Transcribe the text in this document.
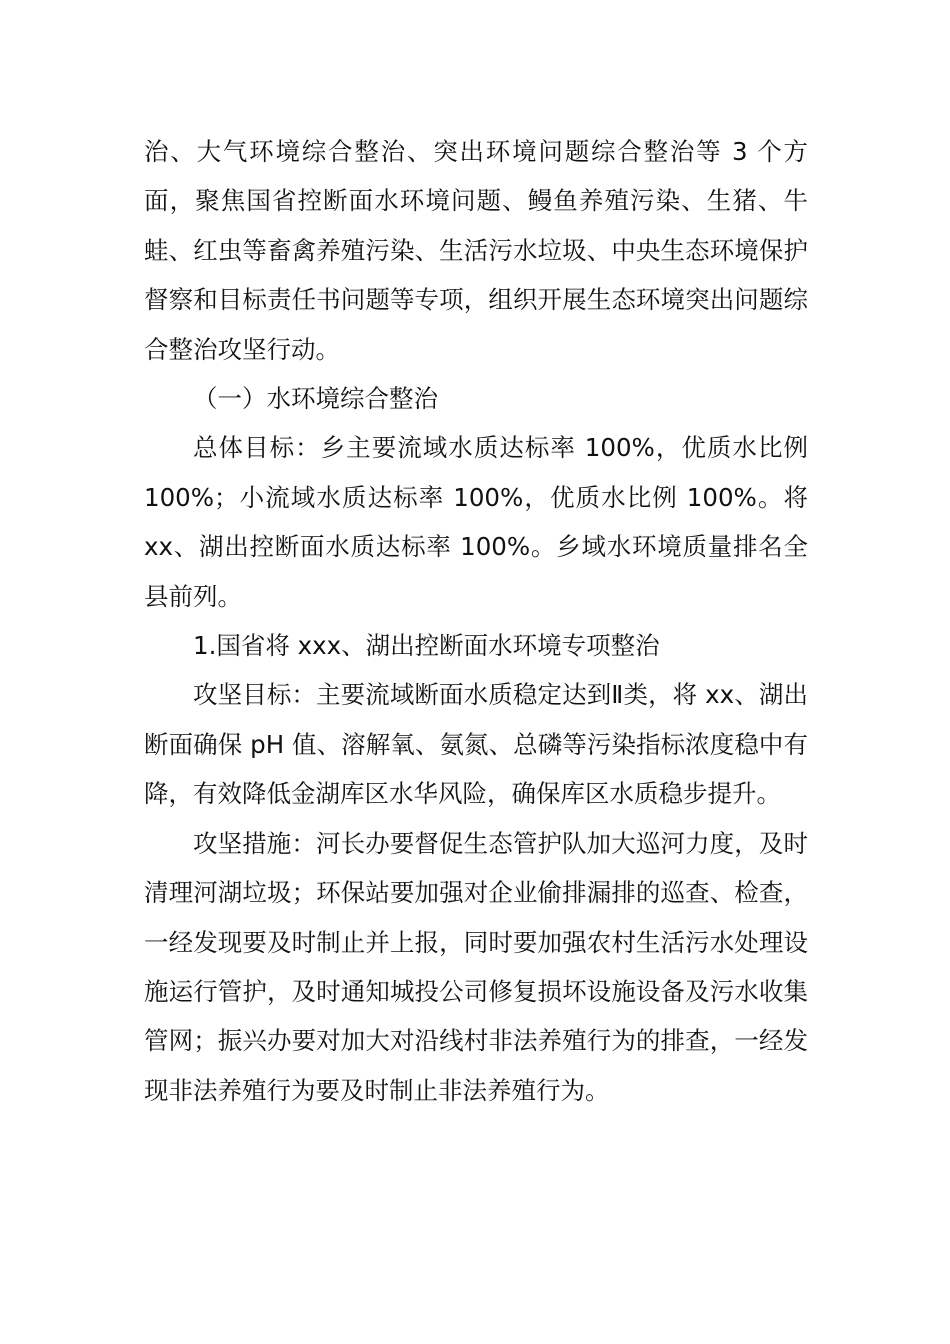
治、大气环境综合整治、突出环境问题综合整治等 3 个方面，聚焦国省控断面水环境问题、鳗鱼养殖污染、生猪、牛蛙、红虫等畜禽养殖污染、生活污水垃圾、中央生态环境保护督察和目标责任书问题等专项，组织开展生态环境突出问题综合整治攻坚行动。

（一）水环境综合整治

总体目标：乡主要流域水质达标率 100%，优质水比例 100%；小流域水质达标率 100%，优质水比例 100%。将 xx、湖出控断面水质达标率 100%。乡域水环境质量排名全县前列。

1.国省将 xxx、湖出控断面水环境专项整治

攻坚目标：主要流域断面水质稳定达到Ⅱ类，将 xx、湖出断面确保 pH 值、溶解氧、氨氮、总磷等污染指标浓度稳中有降，有效降低金湖库区水华风险，确保库区水质稳步提升。

攻坚措施：河长办要督促生态管护队加大巡河力度，及时清理河湖垃圾；环保站要加强对企业偷排漏排的巡查、检查，一经发现要及时制止并上报，同时要加强农村生活污水处理设施运行管护，及时通知城投公司修复损坏设施设备及污水收集管网；振兴办要对加大对沿线村非法养殖行为的排查，一经发现非法养殖行为要及时制止非法养殖行为。
